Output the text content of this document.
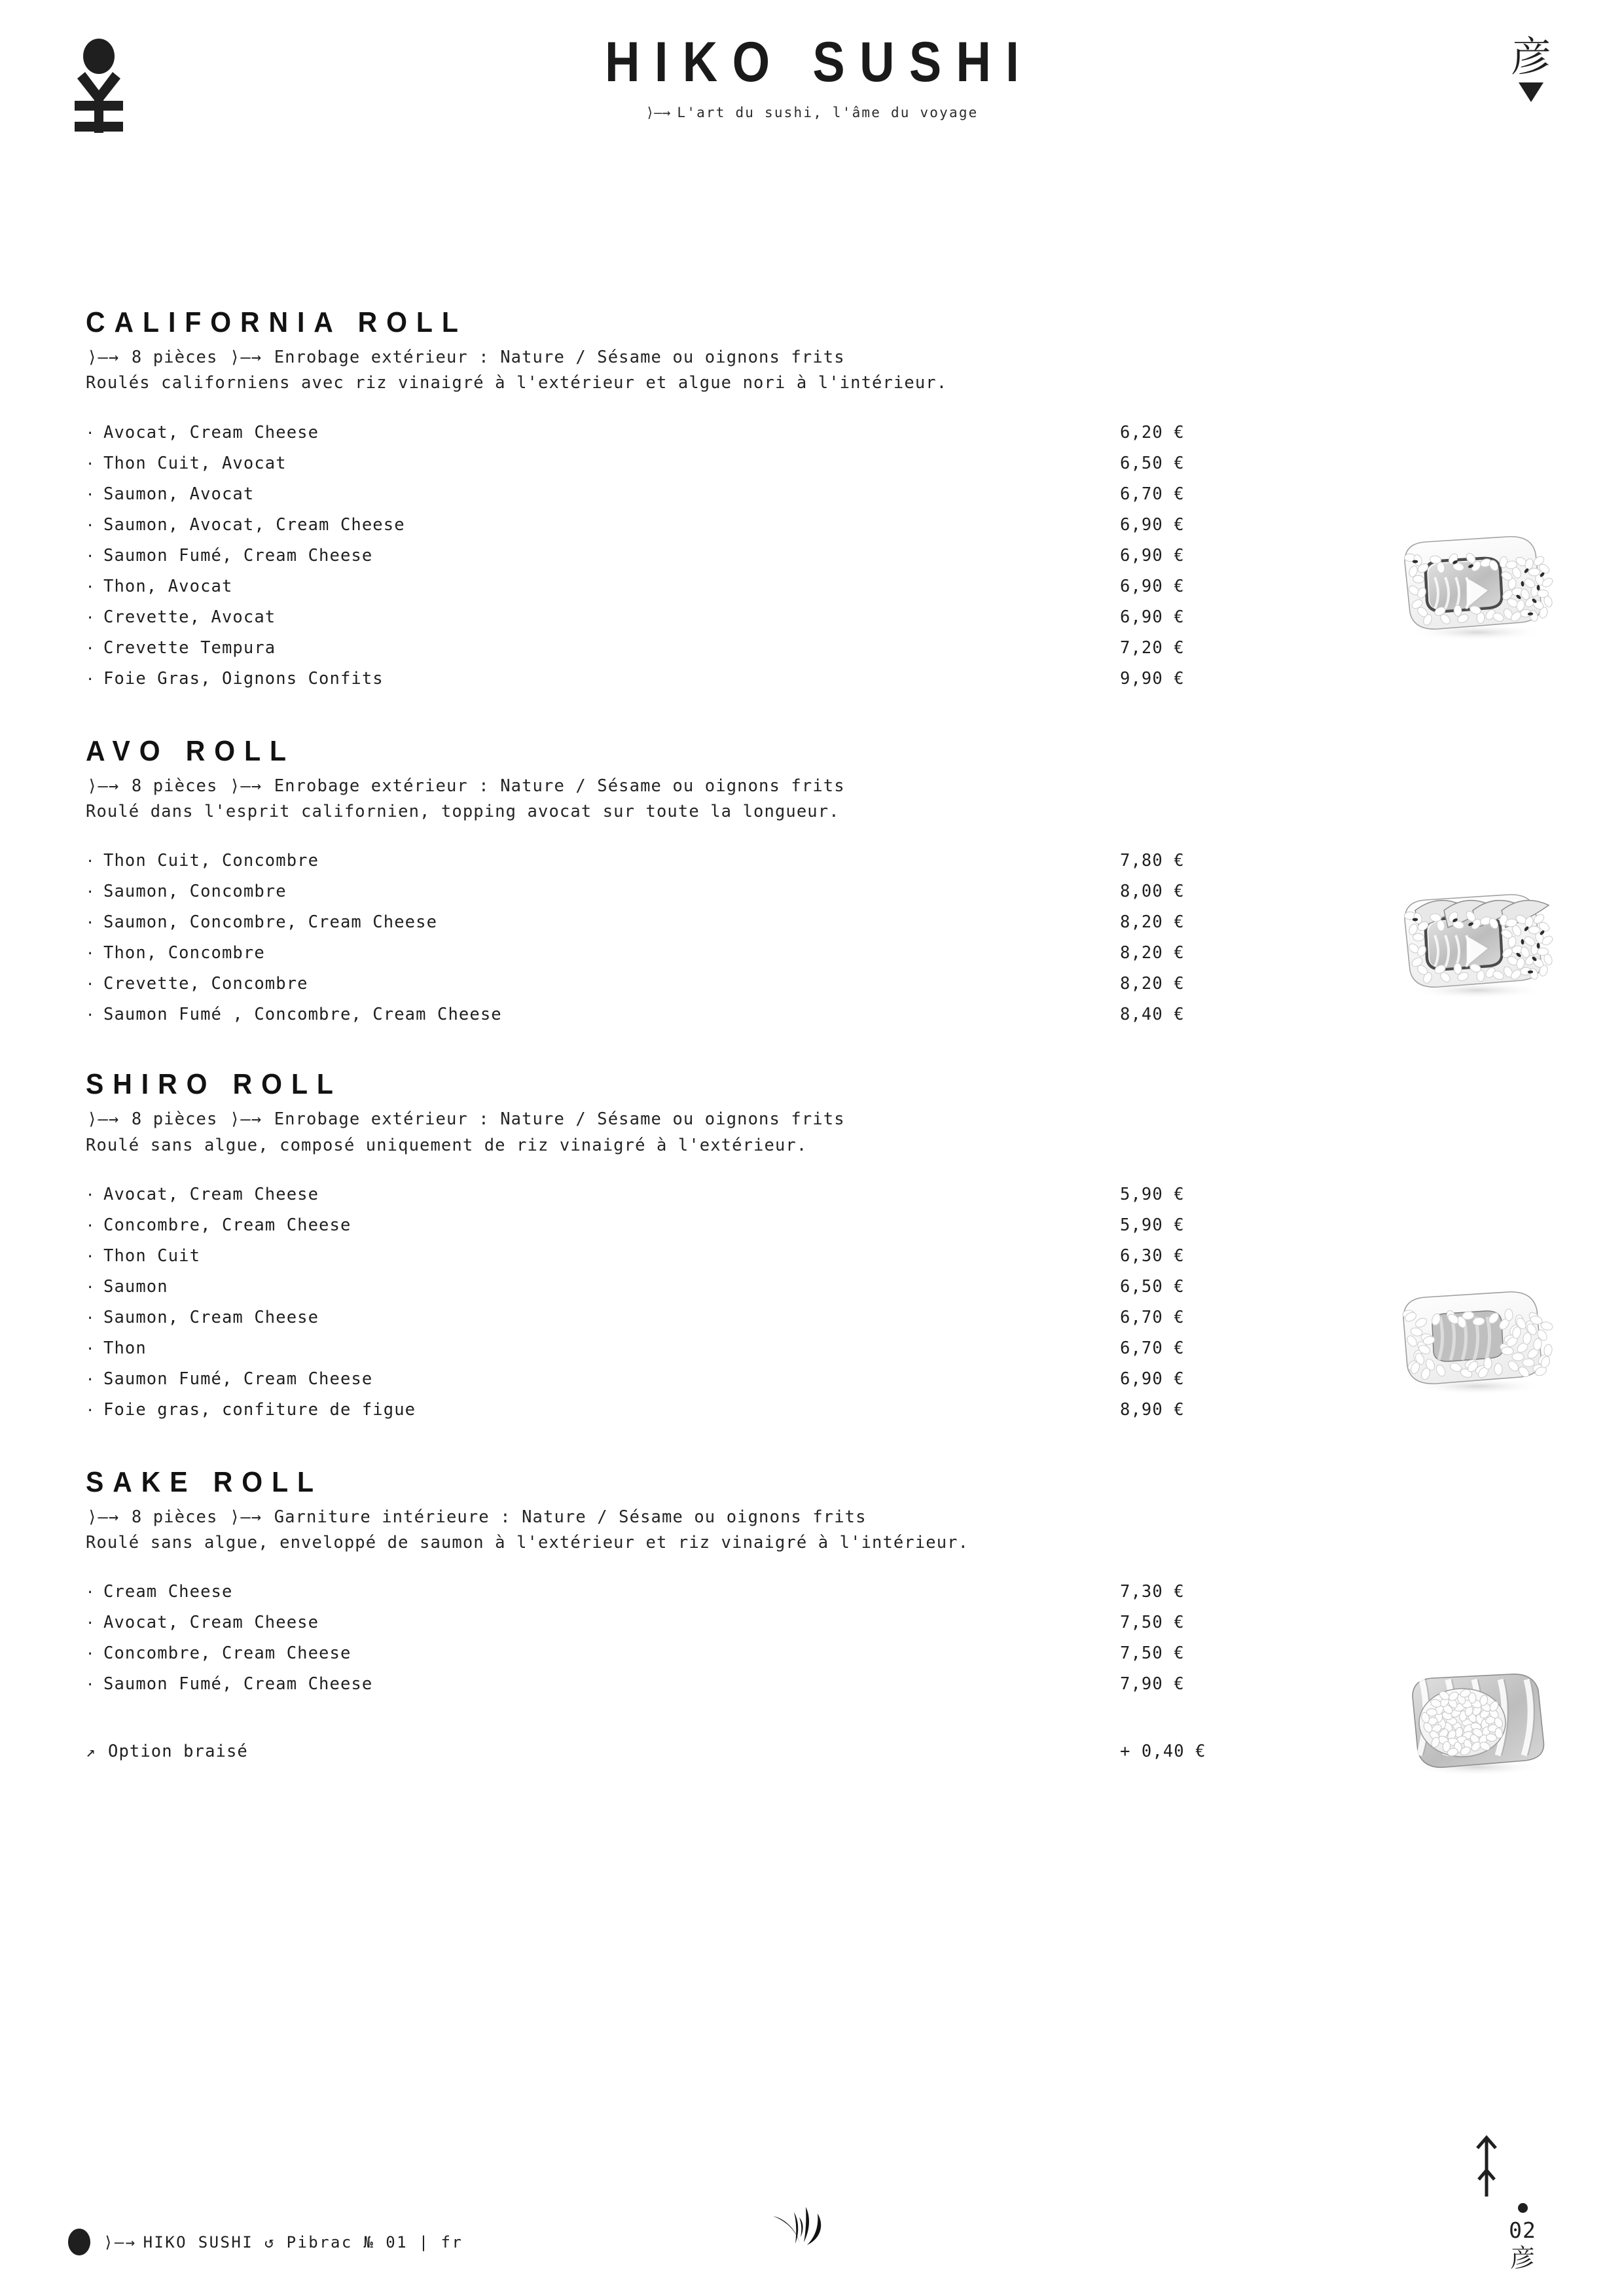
HIKO SUSHI
⟩—→ L'art du sushi, l'âme du voyage
彦
CALIFORNIA ROLL
⟩—→ 8 pièces ⟩—→ Enrobage extérieur : Nature / Sésame ou oignons frits
Roulés californiens avec riz vinaigré à l'extérieur et algue nori à l'intérieur.
· Avocat, Cream Cheese	6,20 €
· Thon Cuit, Avocat	6,50 €
· Saumon, Avocat	6,70 €
· Saumon, Avocat, Cream Cheese	6,90 €
· Saumon Fumé, Cream Cheese	6,90 €
· Thon, Avocat	6,90 €
· Crevette, Avocat	6,90 €
· Crevette Tempura	7,20 €
· Foie Gras, Oignons Confits	9,90 €
AVO ROLL
⟩—→ 8 pièces ⟩—→ Enrobage extérieur : Nature / Sésame ou oignons frits
Roulé dans l'esprit californien, topping avocat sur toute la longueur.
· Thon Cuit, Concombre	7,80 €
· Saumon, Concombre	8,00 €
· Saumon, Concombre, Cream Cheese	8,20 €
· Thon, Concombre	8,20 €
· Crevette, Concombre	8,20 €
· Saumon Fumé , Concombre, Cream Cheese	8,40 €
SHIRO ROLL
⟩—→ 8 pièces ⟩—→ Enrobage extérieur : Nature / Sésame ou oignons frits
Roulé sans algue, composé uniquement de riz vinaigré à l'extérieur.
· Avocat, Cream Cheese	5,90 €
· Concombre, Cream Cheese	5,90 €
· Thon Cuit	6,30 €
· Saumon	6,50 €
· Saumon, Cream Cheese	6,70 €
· Thon	6,70 €
· Saumon Fumé, Cream Cheese	6,90 €
· Foie gras, confiture de figue	8,90 €
SAKE ROLL
⟩—→ 8 pièces ⟩—→ Garniture intérieure : Nature / Sésame ou oignons frits
Roulé sans algue, enveloppé de saumon à l'extérieur et riz vinaigré à l'intérieur.
· Cream Cheese	7,30 €
· Avocat, Cream Cheese	7,50 €
· Concombre, Cream Cheese	7,50 €
· Saumon Fumé, Cream Cheese	7,90 €
↗ Option braisé	+ 0,40 €
⟩—→ HIKO SUSHI ↺ Pibrac № 01 | fr	02
彦
